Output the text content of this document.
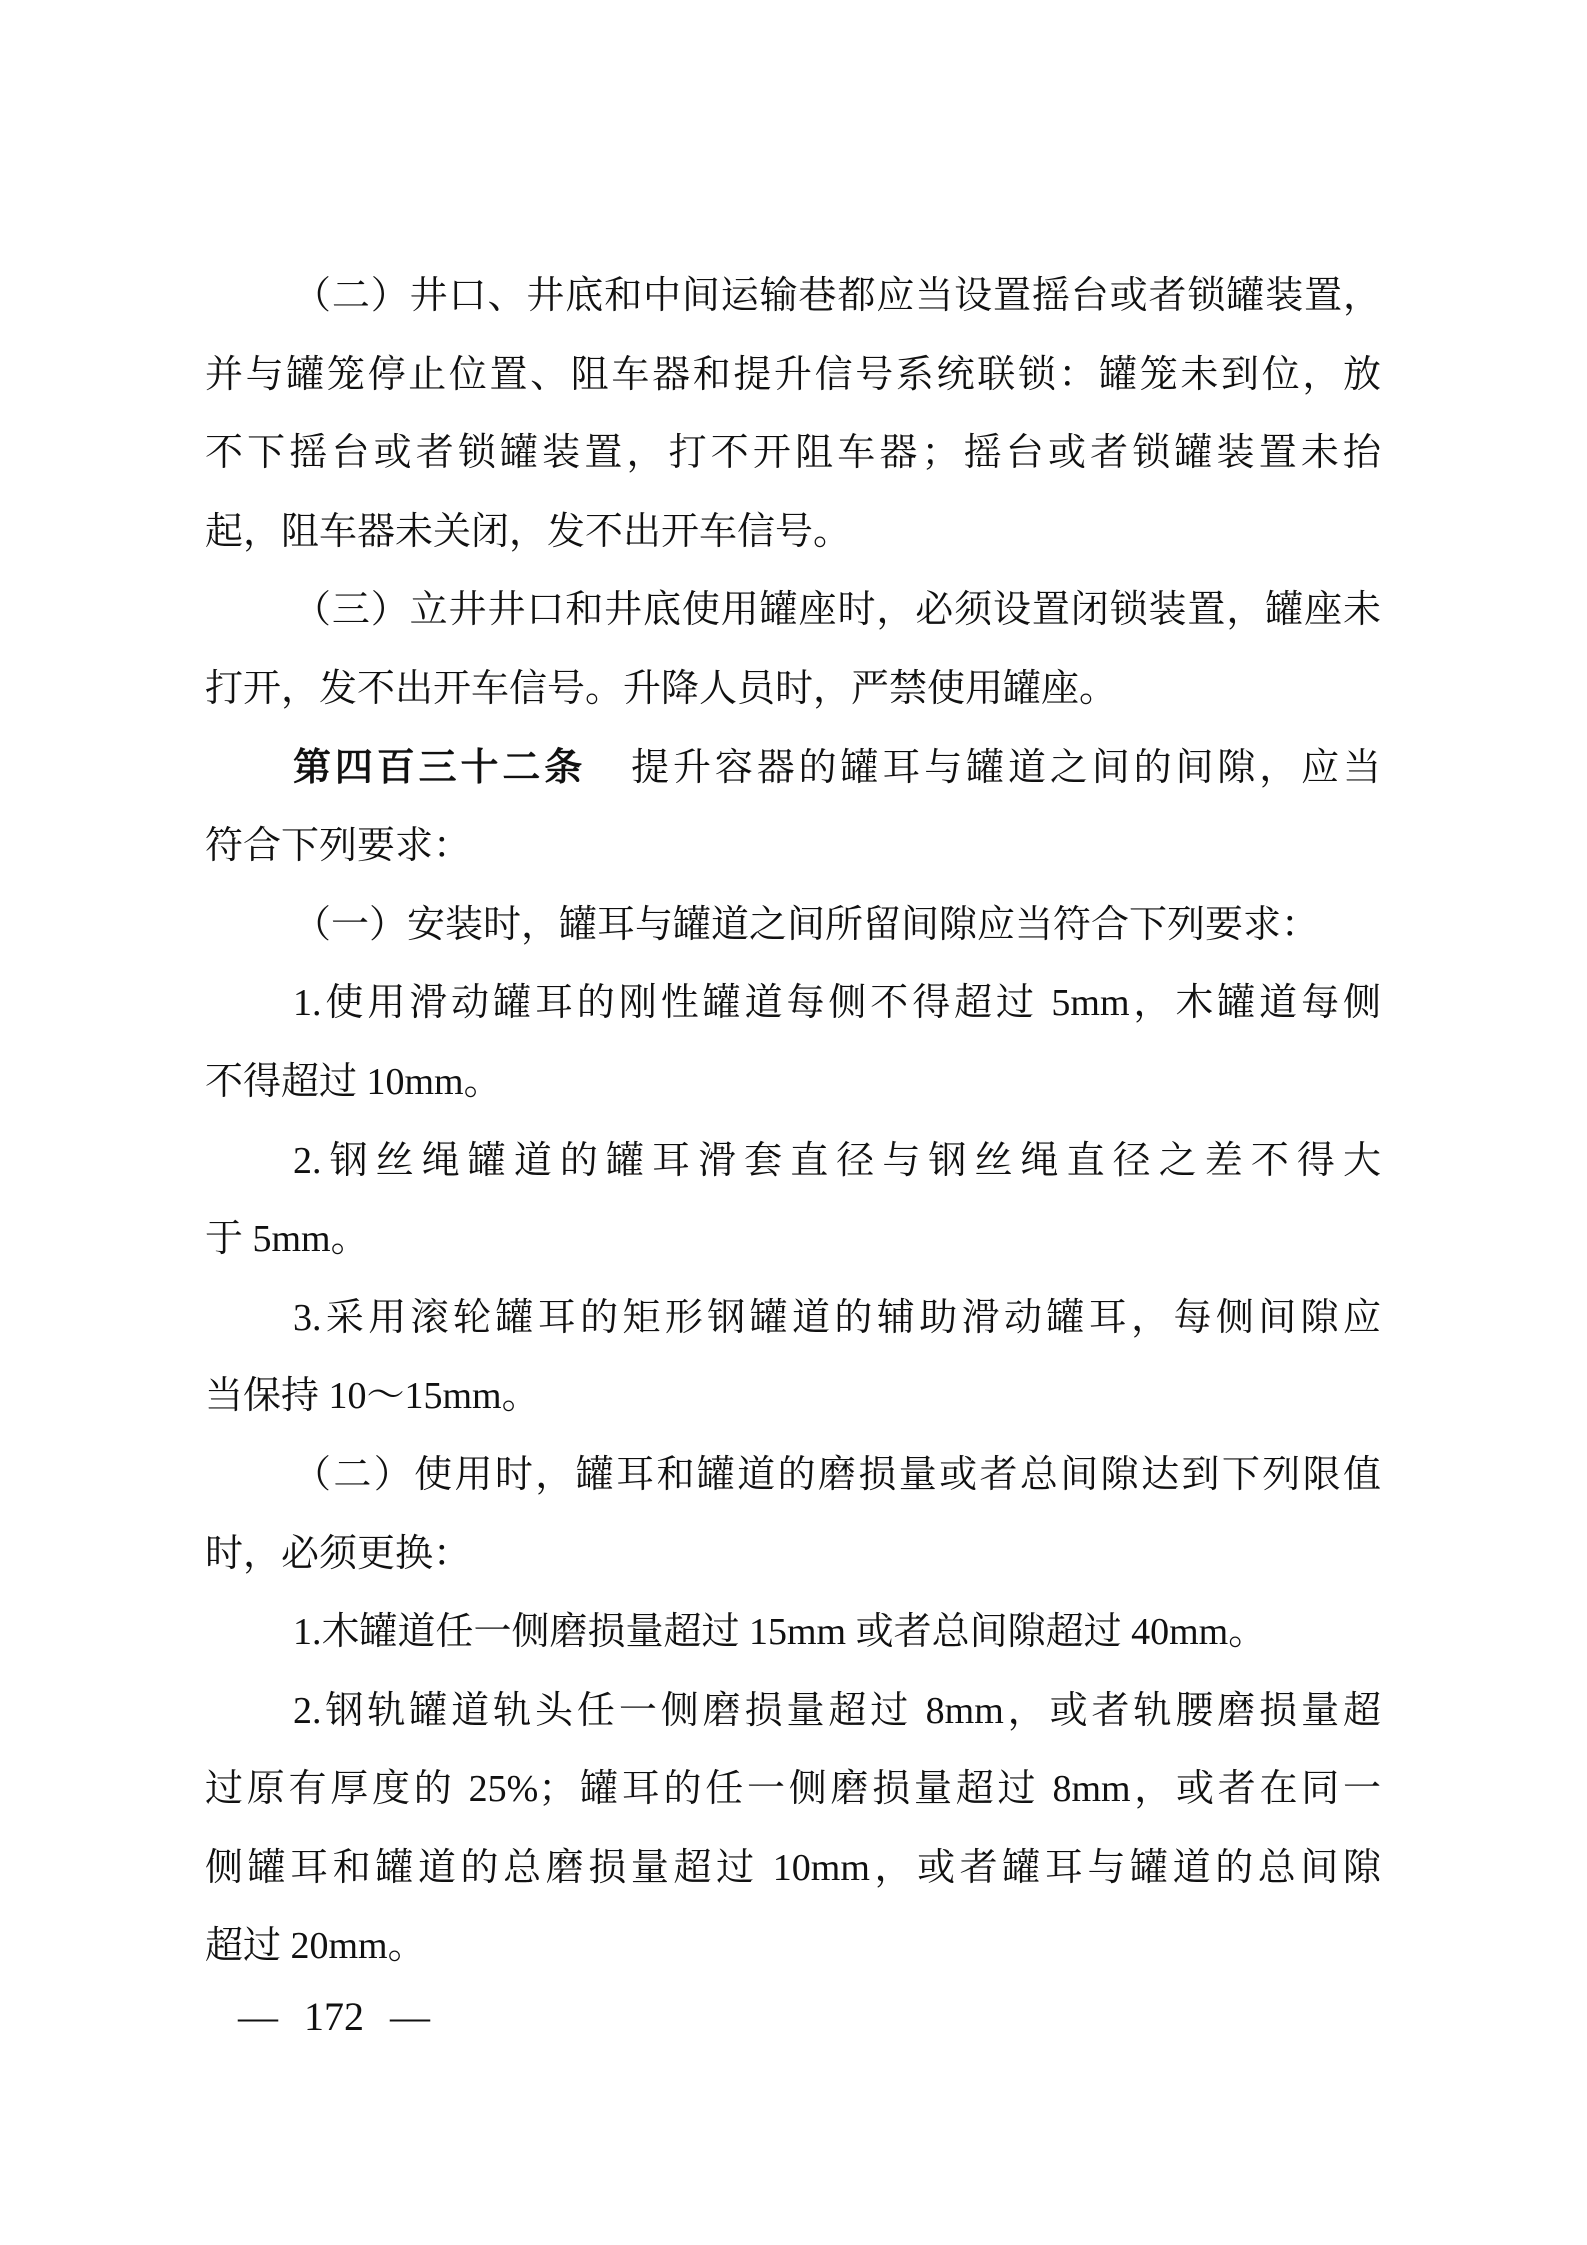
（二）井口、井底和中间运输巷都应当设置摇台或者锁罐装置，
并与罐笼停止位置、阻车器和提升信号系统联锁：罐笼未到位，放
不下摇台或者锁罐装置，打不开阻车器；摇台或者锁罐装置未抬
起，阻车器未关闭，发不出开车信号。
（三）立井井口和井底使用罐座时，必须设置闭锁装置，罐座未
打开，发不出开车信号。升降人员时，严禁使用罐座。
第四百三十二条 提升容器的罐耳与罐道之间的间隙，应当
符合下列要求：
（一）安装时，罐耳与罐道之间所留间隙应当符合下列要求：
1.使用滑动罐耳的刚性罐道每侧不得超过 5mm，木罐道每侧
不得超过 10mm。
2.钢丝绳罐道的罐耳滑套直径与钢丝绳直径之差不得大
于 5mm。
3.采用滚轮罐耳的矩形钢罐道的辅助滑动罐耳，每侧间隙应
当保持 10～15mm。
（二）使用时，罐耳和罐道的磨损量或者总间隙达到下列限值
时，必须更换：
1.木罐道任一侧磨损量超过 15mm 或者总间隙超过 40mm。
2.钢轨罐道轨头任一侧磨损量超过 8mm，或者轨腰磨损量超
过原有厚度的 25%；罐耳的任一侧磨损量超过 8mm，或者在同一
侧罐耳和罐道的总磨损量超过 10mm，或者罐耳与罐道的总间隙
超过 20mm。
— 172 —
